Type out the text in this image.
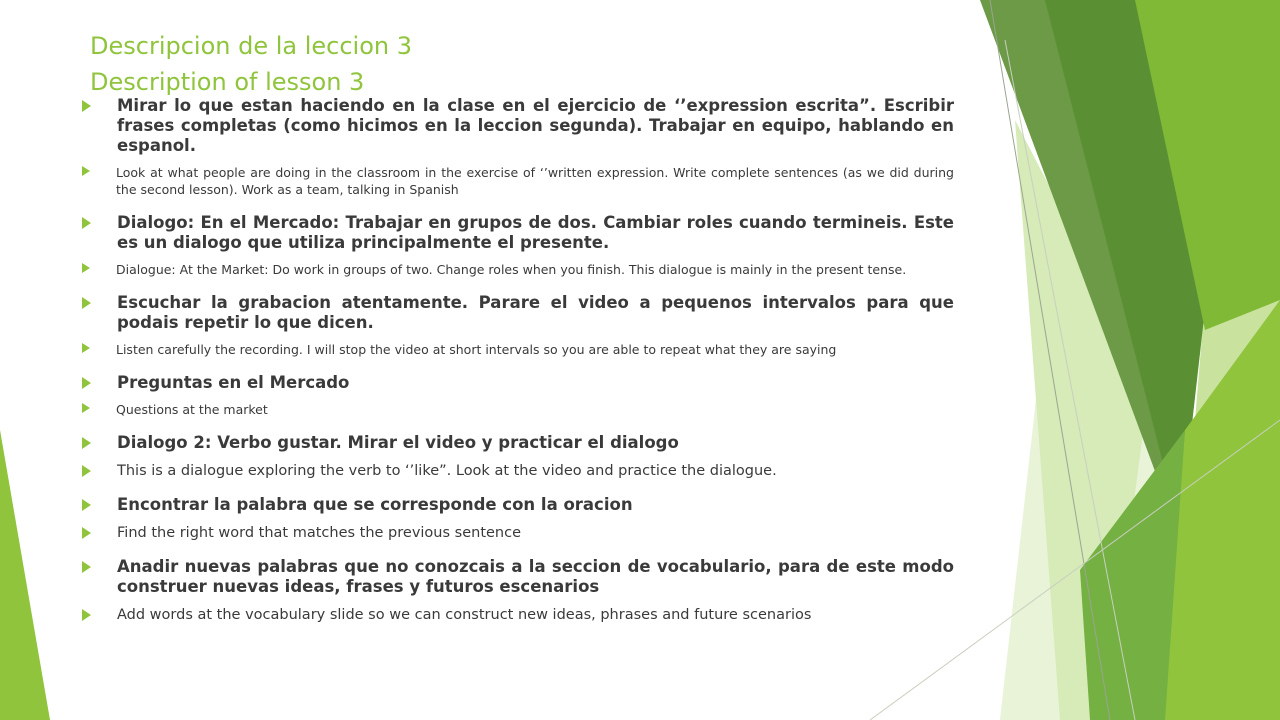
Descripcion de la leccion 3
Description of lesson 3
Mirar lo que estan haciendo en la clase en el ejercicio de ‘’expression escrita”. Escribir frases completas (como hicimos en la leccion segunda). Trabajar en equipo, hablando en espanol.
Look at what people are doing in the classroom in the exercise of ‘’written expression. Write complete sentences (as we did during the second lesson). Work as a team, talking in Spanish
Dialogo: En el Mercado: Trabajar en grupos de dos. Cambiar roles cuando termineis. Este es un dialogo que utiliza principalmente el presente.
Dialogue: At the Market: Do work in groups of two. Change roles when you finish. This dialogue is mainly in the present tense.
Escuchar la grabacion atentamente. Parare el video a pequenos intervalos para que podais repetir lo que dicen.
Listen carefully the recording. I will stop the video at short intervals so you are able to repeat what they are saying
Preguntas en el Mercado
Questions at the market
Dialogo 2: Verbo gustar. Mirar el video y practicar el dialogo
This is a dialogue exploring the verb to ‘’like”. Look at the video and practice the dialogue.
Encontrar la palabra que se corresponde con la oracion
Find the right word that matches the previous sentence
Anadir nuevas palabras que no conozcais a la seccion de vocabulario, para de este modo construer nuevas ideas, frases y futuros escenarios
Add words at the vocabulary slide so we can construct new ideas, phrases and future scenarios
